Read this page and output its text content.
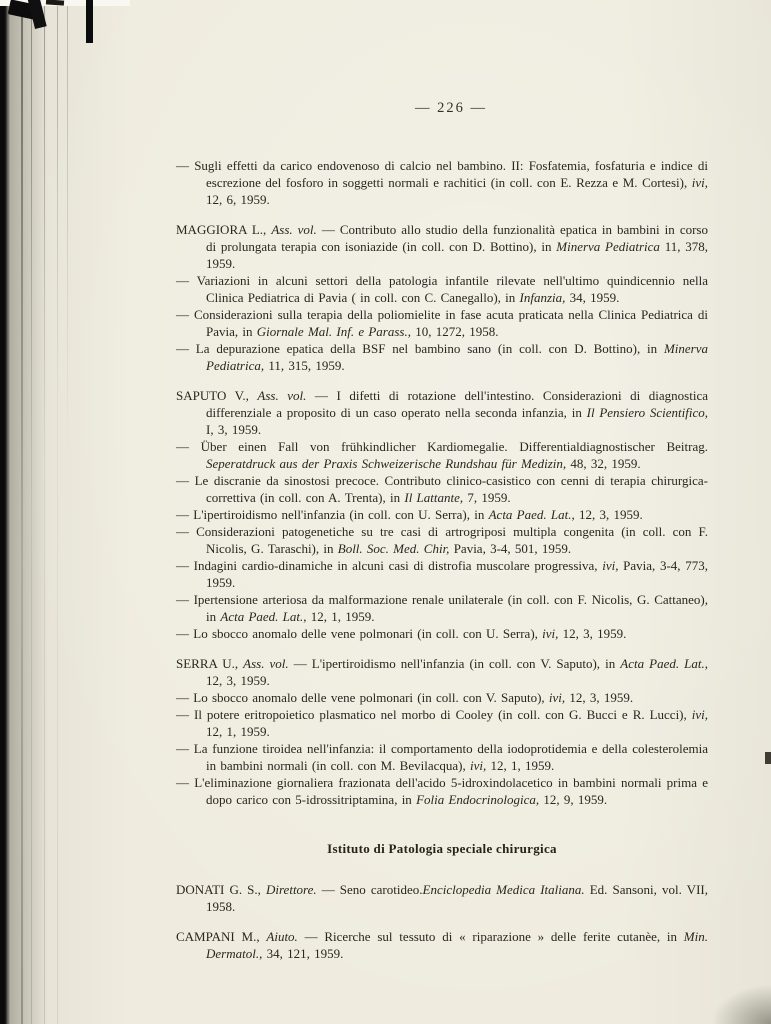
— 226 —

— Sugli effetti da carico endovenoso di calcio nel bambino. II: Fosfatemia, fosfaturia e indice di escrezione del fosforo in soggetti normali e rachitici (in coll. con E. Rezza e M. Cortesi), ivi, 12, 6, 1959.

MAGGIORA L., Ass. vol. — Contributo allo studio della funzionalità epatica in bambini in corso di prolungata terapia con isoniazide (in coll. con D. Bottino), in Minerva Pediatrica 11, 378, 1959.

— Variazioni in alcuni settori della patologia infantile rilevate nell'ultimo quindicennio nella Clinica Pediatrica di Pavia ( in coll. con C. Canegallo), in Infanzia, 34, 1959.

— Considerazioni sulla terapia della poliomielite in fase acuta praticata nella Clinica Pediatrica di Pavia, in Giornale Mal. Inf. e Parass., 10, 1272, 1958.

— La depurazione epatica della BSF nel bambino sano (in coll. con D. Bottino), in Minerva Pediatrica, 11, 315, 1959.

SAPUTO V., Ass. vol. — I difetti di rotazione dell'intestino. Considerazioni di diagnostica differenziale a proposito di un caso operato nella seconda infanzia, in Il Pensiero Scientifico, I, 3, 1959.

— Über einen Fall von frühkindlicher Kardiomegalie. Differentialdiagnostischer Beitrag. Seperatdruck aus der Praxis Schweizerische Rundshau für Medizin, 48, 32, 1959.

— Le discranie da sinostosi precoce. Contributo clinico-casistico con cenni di terapia chirurgica-correttiva (in coll. con A. Trenta), in Il Lattante, 7, 1959.

— L'ipertiroidismo nell'infanzia (in coll. con U. Serra), in Acta Paed. Lat., 12, 3, 1959.

— Considerazioni patogenetiche su tre casi di artrogriposi multipla congenita (in coll. con F. Nicolis, G. Taraschi), in Boll. Soc. Med. Chir, Pavia, 3-4, 501, 1959.

— Indagini cardio-dinamiche in alcuni casi di distrofia muscolare progressiva, ivi, Pavia, 3-4, 773, 1959.

— Ipertensione arteriosa da malformazione renale unilaterale (in coll. con F. Nicolis, G. Cattaneo), in Acta Paed. Lat., 12, 1, 1959.

— Lo sbocco anomalo delle vene polmonari (in coll. con U. Serra), ivi, 12, 3, 1959.

SERRA U., Ass. vol. — L'ipertiroidismo nell'infanzia (in coll. con V. Saputo), in Acta Paed. Lat., 12, 3, 1959.

— Lo sbocco anomalo delle vene polmonari (in coll. con V. Saputo), ivi, 12, 3, 1959.

— Il potere eritropoietico plasmatico nel morbo di Cooley (in coll. con G. Bucci e R. Lucci), ivi, 12, 1, 1959.

— La funzione tiroidea nell'infanzia: il comportamento della iodoprotidemia e della colesterolemia in bambini normali (in coll. con M. Bevilacqua), ivi, 12, 1, 1959.

— L'eliminazione giornaliera frazionata dell'acido 5-idroxindolacetico in bambini normali prima e dopo carico con 5-idrossitriptamina, in Folia Endocrinologica, 12, 9, 1959.

Istituto di Patologia speciale chirurgica

DONATI G. S., Direttore. — Seno carotideo.Enciclopedia Medica Italiana. Ed. Sansoni, vol. VII, 1958.

CAMPANI M., Aiuto. — Ricerche sul tessuto di « riparazione » delle ferite cutanèe, in Min. Dermatol., 34, 121, 1959.
